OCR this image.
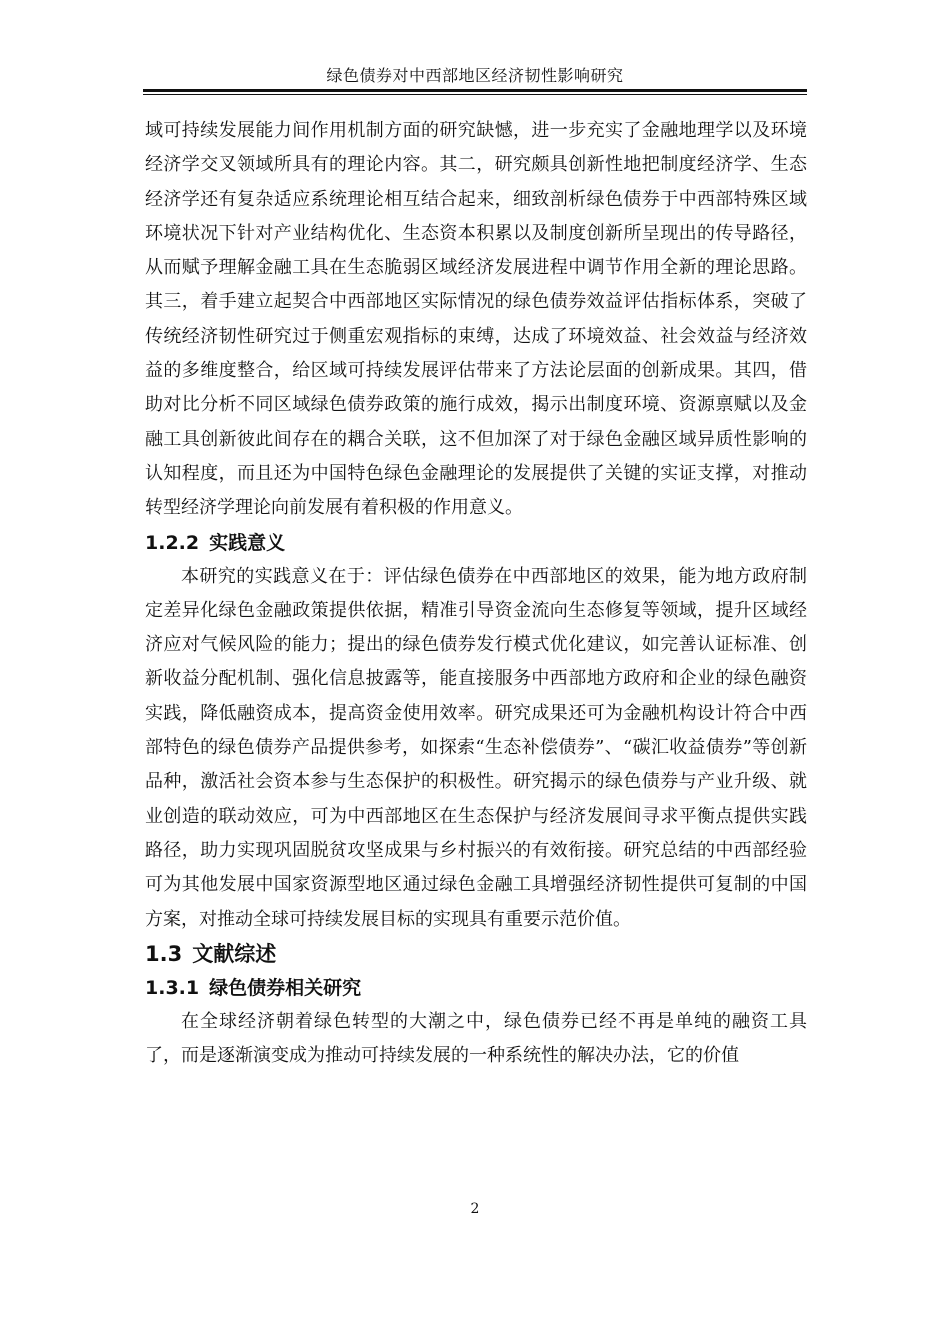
绿色债券对中西部地区经济韧性影响研究

域可持续发展能力间作用机制方面的研究缺憾，进一步充实了金融地理学以及环境经济学交叉领域所具有的理论内容。其二，研究颇具创新性地把制度经济学、生态经济学还有复杂适应系统理论相互结合起来，细致剖析绿色债券于中西部特殊区域环境状况下针对产业结构优化、生态资本积累以及制度创新所呈现出的传导路径，从而赋予理解金融工具在生态脆弱区域经济发展进程中调节作用全新的理论思路。其三，着手建立起契合中西部地区实际情况的绿色债券效益评估指标体系，突破了传统经济韧性研究过于侧重宏观指标的束缚，达成了环境效益、社会效益与经济效益的多维度整合，给区域可持续发展评估带来了方法论层面的创新成果。其四，借助对比分析不同区域绿色债券政策的施行成效，揭示出制度环境、资源禀赋以及金融工具创新彼此间存在的耦合关联，这不但加深了对于绿色金融区域异质性影响的认知程度，而且还为中国特色绿色金融理论的发展提供了关键的实证支撑，对推动转型经济学理论向前发展有着积极的作用意义。

1.2.2 实践意义

本研究的实践意义在于：评估绿色债券在中西部地区的效果，能为地方政府制定差异化绿色金融政策提供依据，精准引导资金流向生态修复等领域，提升区域经济应对气候风险的能力；提出的绿色债券发行模式优化建议，如完善认证标准、创新收益分配机制、强化信息披露等，能直接服务中西部地方政府和企业的绿色融资实践，降低融资成本，提高资金使用效率。研究成果还可为金融机构设计符合中西部特色的绿色债券产品提供参考，如探索“生态补偿债券”、“碳汇收益债券”等创新品种，激活社会资本参与生态保护的积极性。研究揭示的绿色债券与产业升级、就业创造的联动效应，可为中西部地区在生态保护与经济发展间寻求平衡点提供实践路径，助力实现巩固脱贫攻坚成果与乡村振兴的有效衔接。研究总结的中西部经验可为其他发展中国家资源型地区通过绿色金融工具增强经济韧性提供可复制的中国方案，对推动全球可持续发展目标的实现具有重要示范价值。

1.3 文献综述
1.3.1 绿色债券相关研究

在全球经济朝着绿色转型的大潮之中，绿色债券已经不再是单纯的融资工具了，而是逐渐演变成为推动可持续发展的一种系统性的解决办法，它的价值

2
